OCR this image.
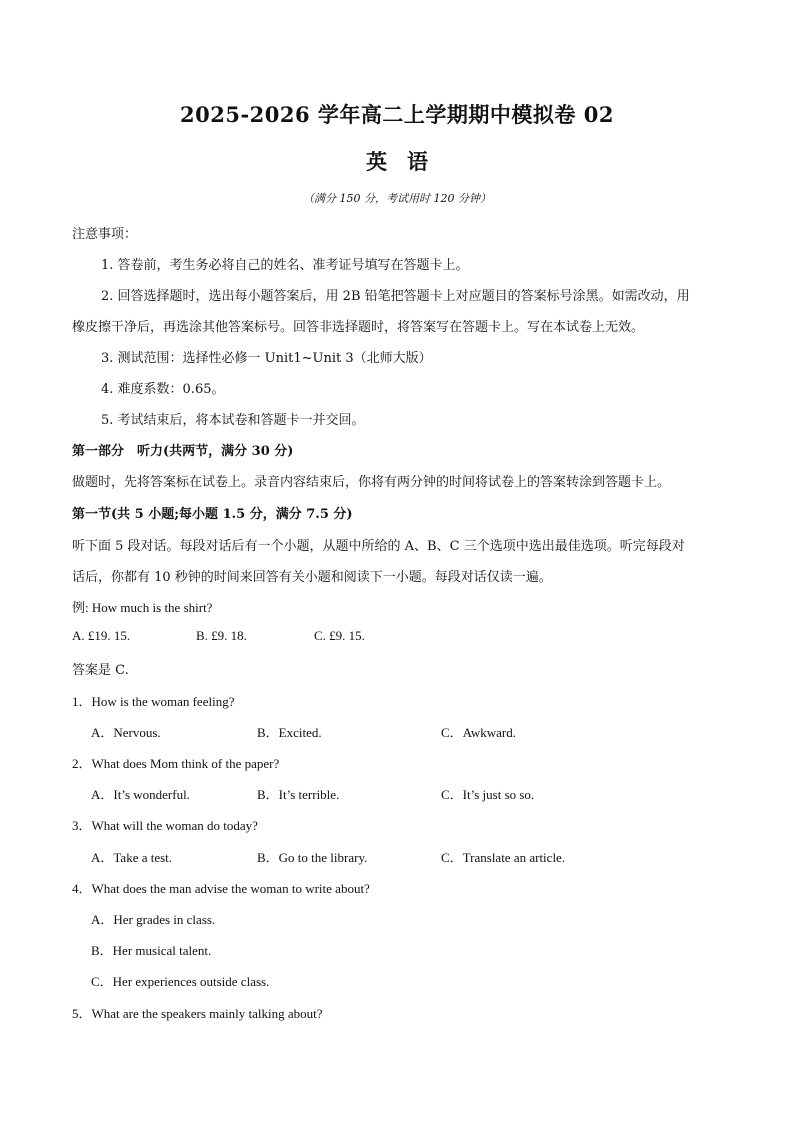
2025-2026 学年高二上学期期中模拟卷 02
英语
（满分 150 分，考试用时 120 分钟）
注意事项：
1. 答卷前，考生务必将自己的姓名、准考证号填写在答题卡上。
2. 回答选择题时，选出每小题答案后，用 2B 铅笔把答题卡上对应题目的答案标号涂黑。如需改动，用
橡皮擦干净后，再选涂其他答案标号。回答非选择题时，将答案写在答题卡上。写在本试卷上无效。
3. 测试范围：选择性必修一 Unit1~Unit 3（北师大版）
4. 难度系数：0.65。
5. 考试结束后，将本试卷和答题卡一并交回。
第一部分　听力(共两节，满分 30 分)
做题时，先将答案标在试卷上。录音内容结束后，你将有两分钟的时间将试卷上的答案转涂到答题卡上。
第一节(共 5 小题;每小题 1.5 分，满分 7.5 分)
听下面 5 段对话。每段对话后有一个小题，从题中所给的 A、B、C 三个选项中选出最佳选项。听完每段对
话后，你都有 10 秒钟的时间来回答有关小题和阅读下一小题。每段对话仅读一遍。
例: How much is the shirt?
A. £19. 15.	B. £9. 18.	C. £9. 15.
答案是 C.
1．How is the woman feeling?
A．Nervous.	B．Excited.	C．Awkward.
2．What does Mom think of the paper?
A．It’s wonderful.	B．It’s terrible.	C．It’s just so so.
3．What will the woman do today?
A．Take a test.	B．Go to the library.	C．Translate an article.
4．What does the man advise the woman to write about?
A．Her grades in class.
B．Her musical talent.
C．Her experiences outside class.
5．What are the speakers mainly talking about?
